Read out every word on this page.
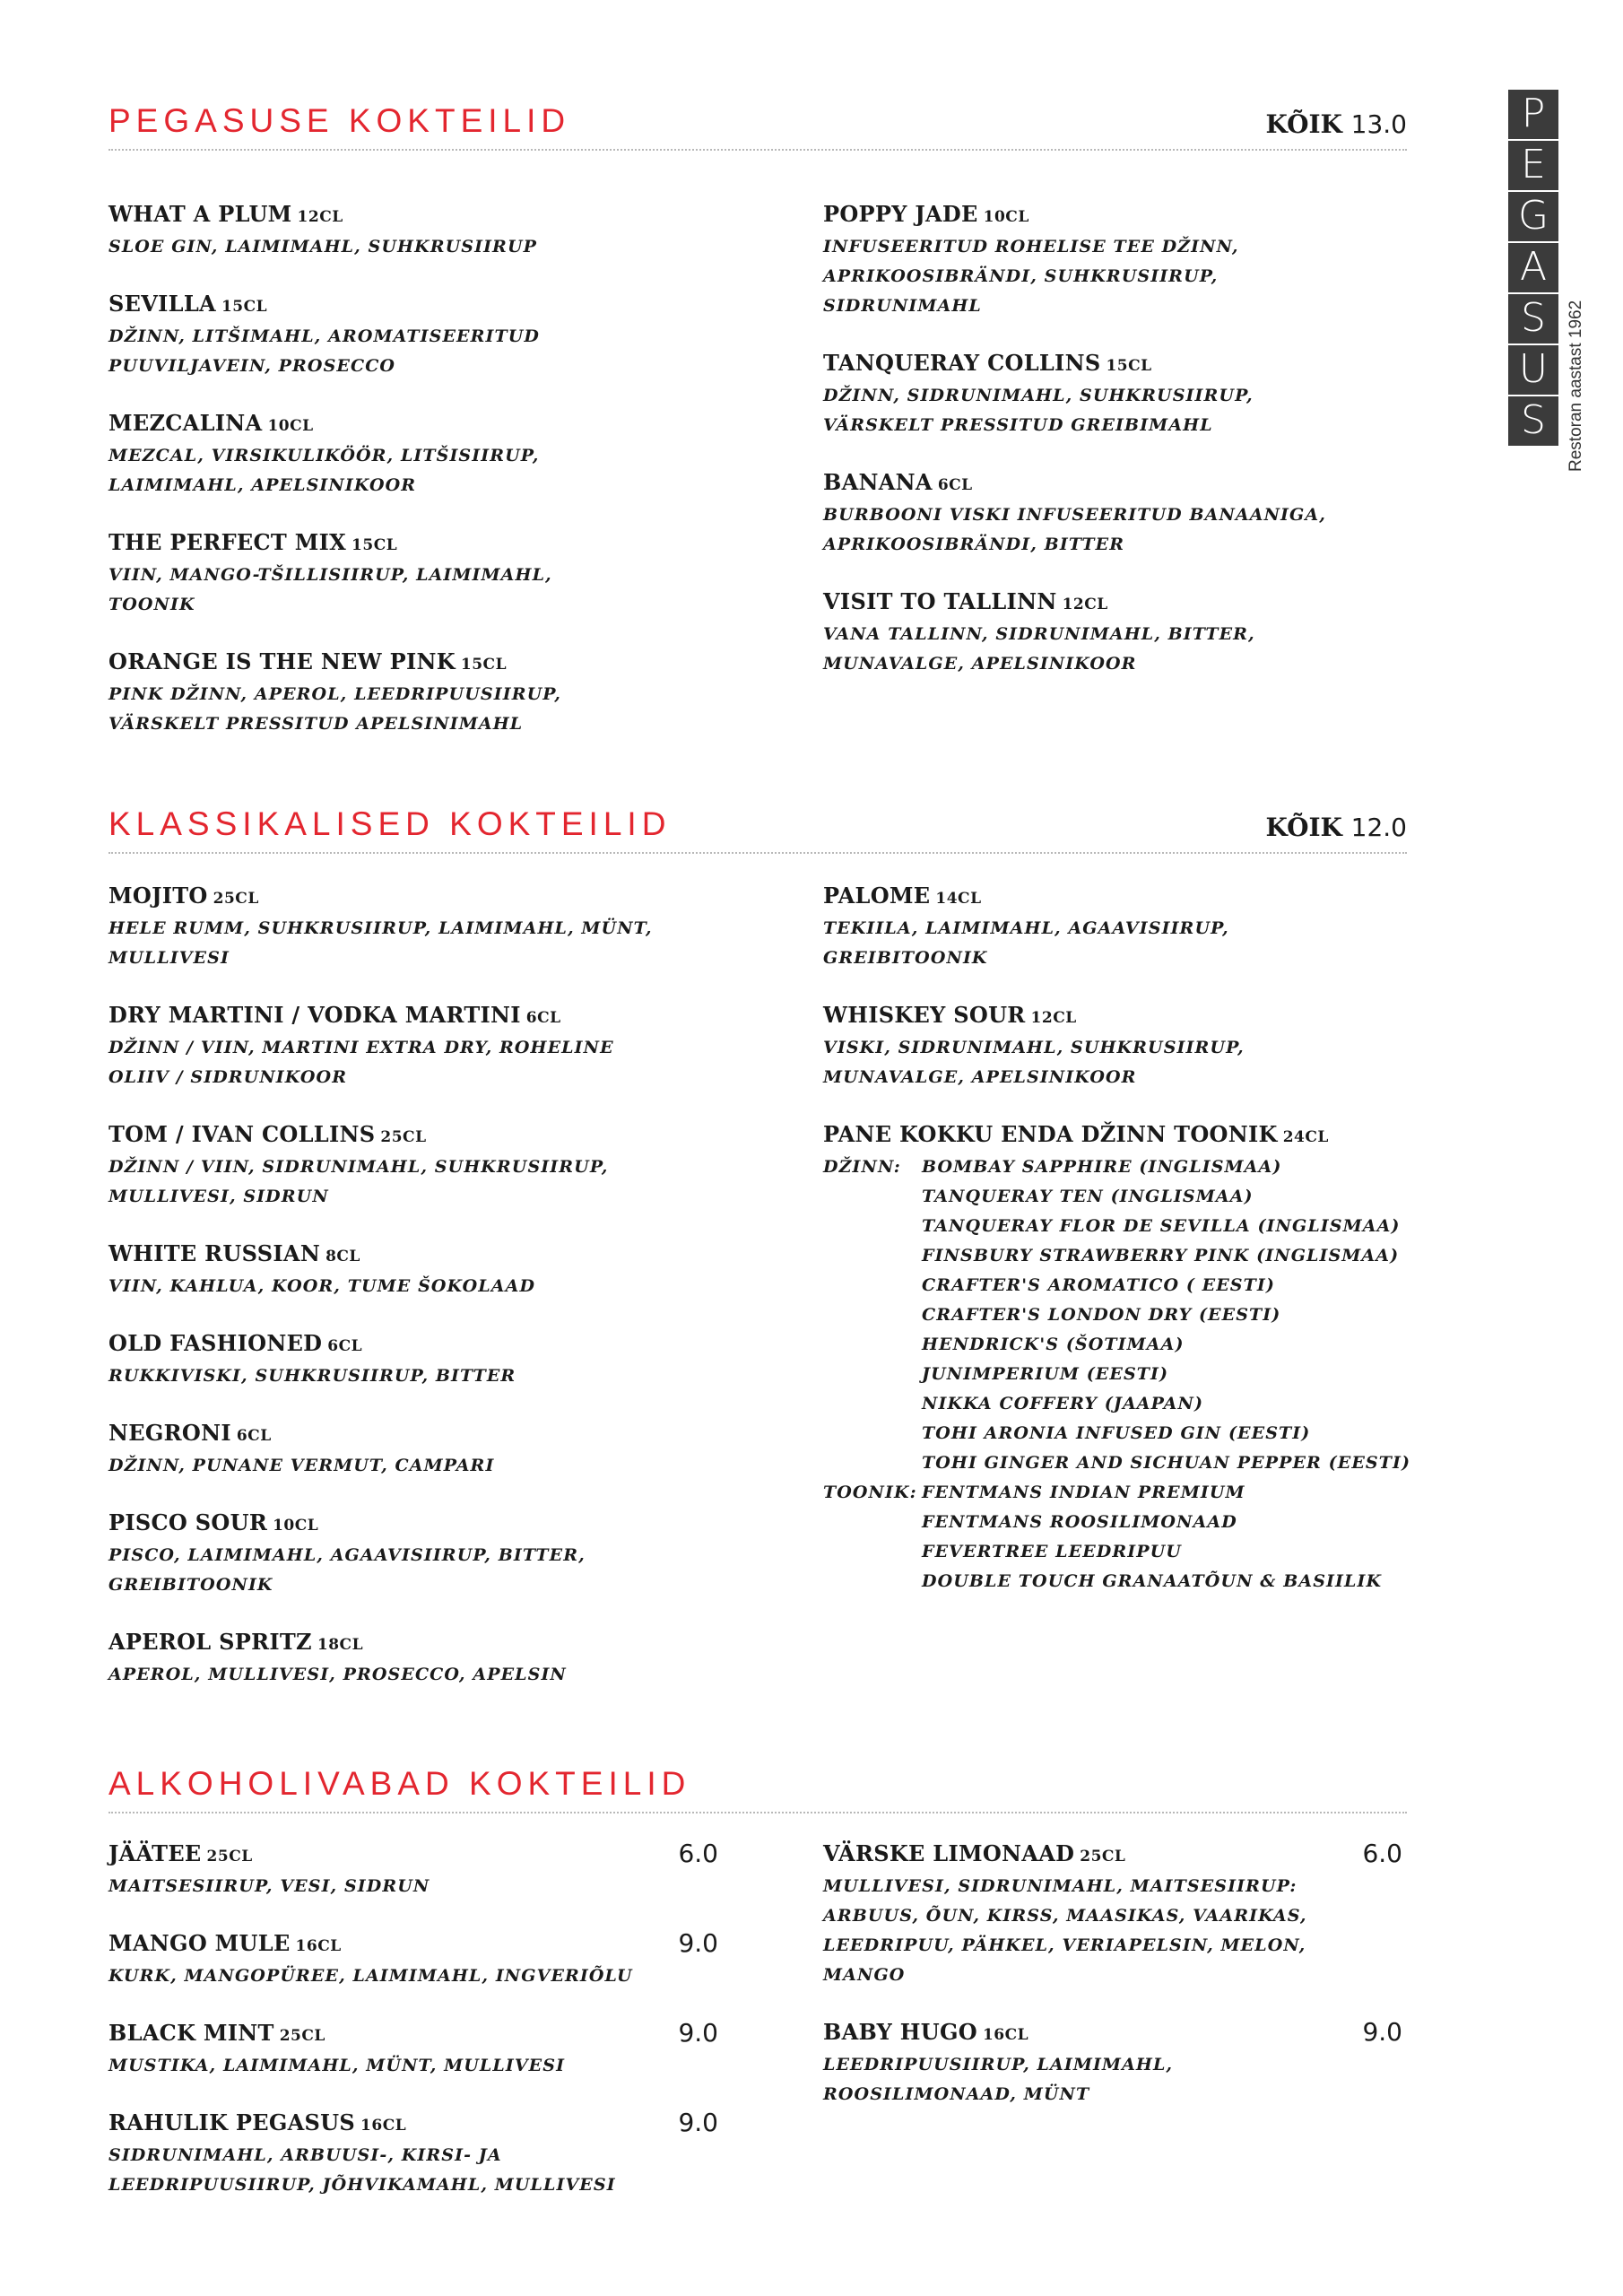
P
E
G
A
S
U
S	Restoran aastast 1962
PEGASUSE KOKTEILID	KÕIK 13.0
WHAT A PLUM 12CL
SLOE GIN, LAIMIMAHL, SUHKRUSIIRUP
SEVILLA 15CL
DŽINN, LITŠIMAHL, AROMATISEERITUD
PUUVILJAVEIN, PROSECCO
MEZCALINA 10CL
MEZCAL, VIRSIKULIKÖÖR, LITŠISIIRUP,
LAIMIMAHL, APELSINIKOOR
THE PERFECT MIX 15CL
VIIN, MANGO-TŠILLISIIRUP, LAIMIMAHL,
TOONIK
ORANGE IS THE NEW PINK 15CL
PINK DŽINN, APEROL, LEEDRIPUUSIIRUP,
VÄRSKELT PRESSITUD APELSINIMAHL
POPPY JADE 10CL
INFUSEERITUD ROHELISE TEE DŽINN,
APRIKOOSIBRÄNDI, SUHKRUSIIRUP,
SIDRUNIMAHL
TANQUERAY COLLINS 15CL
DŽINN, SIDRUNIMAHL, SUHKRUSIIRUP,
VÄRSKELT PRESSITUD GREIBIMAHL
BANANA 6CL
BURBOONI VISKI INFUSEERITUD BANAANIGA,
APRIKOOSIBRÄNDI, BITTER
VISIT TO TALLINN 12CL
VANA TALLINN, SIDRUNIMAHL, BITTER,
MUNAVALGE, APELSINIKOOR
KLASSIKALISED KOKTEILID	KÕIK 12.0
MOJITO 25CL
HELE RUMM, SUHKRUSIIRUP, LAIMIMAHL, MÜNT,
MULLIVESI
DRY MARTINI / VODKA MARTINI 6CL
DŽINN / VIIN, MARTINI EXTRA DRY, ROHELINE
OLIIV / SIDRUNIKOOR
TOM / IVAN COLLINS 25CL
DŽINN / VIIN, SIDRUNIMAHL, SUHKRUSIIRUP,
MULLIVESI, SIDRUN
WHITE RUSSIAN 8CL
VIIN, KAHLUA, KOOR, TUME ŠOKOLAAD
OLD FASHIONED 6CL
RUKKIVISKI, SUHKRUSIIRUP, BITTER
NEGRONI 6CL
DŽINN, PUNANE VERMUT, CAMPARI
PISCO SOUR 10CL
PISCO, LAIMIMAHL, AGAAVISIIRUP, BITTER,
GREIBITOONIK
APEROL SPRITZ 18CL
APEROL, MULLIVESI, PROSECCO, APELSIN
PALOME 14CL
TEKIILA, LAIMIMAHL, AGAAVISIIRUP,
GREIBITOONIK
WHISKEY SOUR 12CL
VISKI, SIDRUNIMAHL, SUHKRUSIIRUP,
MUNAVALGE, APELSINIKOOR
PANE KOKKU ENDA DŽINN TOONIK 24CL
DŽINN:	BOMBAY SAPPHIRE (INGLISMAA)
TANQUERAY TEN (INGLISMAA)
TANQUERAY FLOR DE SEVILLA (INGLISMAA)
FINSBURY STRAWBERRY PINK (INGLISMAA)
CRAFTER'S AROMATICO ( EESTI)
CRAFTER'S LONDON DRY (EESTI)
HENDRICK'S (ŠOTIMAA)
JUNIMPERIUM (EESTI)
NIKKA COFFERY (JAAPAN)
TOHI ARONIA INFUSED GIN (EESTI)
TOHI GINGER AND SICHUAN PEPPER (EESTI)
TOONIK: FENTMANS INDIAN PREMIUM
FENTMANS ROOSILIMONAAD
FEVERTREE LEEDRIPUU
DOUBLE TOUCH GRANAATÕUN & BASIILIK
ALKOHOLIVABAD KOKTEILID
JÄÄTEE 25CL	6.0
MAITSESIIRUP, VESI, SIDRUN
MANGO MULE 16CL	9.0
KURK, MANGOPÜREE, LAIMIMAHL, INGVERIÕLU
BLACK MINT 25CL	9.0
MUSTIKA, LAIMIMAHL, MÜNT, MULLIVESI
RAHULIK PEGASUS 16CL	9.0
SIDRUNIMAHL, ARBUUSI-, KIRSI- JA
LEEDRIPUUSIIRUP, JÕHVIKAMAHL, MULLIVESI
VÄRSKE LIMONAAD 25CL	6.0
MULLIVESI, SIDRUNIMAHL, MAITSESIIRUP:
ARBUUS, ÕUN, KIRSS, MAASIKAS, VAARIKAS,
LEEDRIPUU, PÄHKEL, VERIAPELSIN, MELON,
MANGO
BABY HUGO 16CL	9.0
LEEDRIPUUSIIRUP, LAIMIMAHL,
ROOSILIMONAAD, MÜNT
